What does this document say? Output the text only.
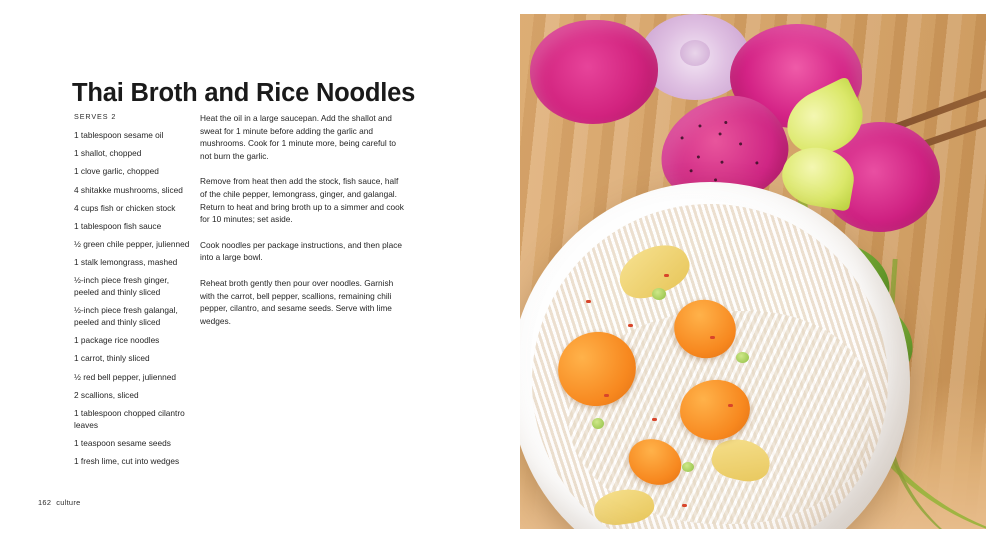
Thai Broth and Rice Noodles
SERVES 2
1 tablespoon sesame oil
1 shallot, chopped
1 clove garlic, chopped
4 shitakke mushrooms, sliced
4 cups fish or chicken stock
1 tablespoon fish sauce
½ green chile pepper, julienned
1 stalk lemongrass, mashed
½-inch piece fresh ginger, peeled and thinly sliced
½-inch piece fresh galangal, peeled and thinly sliced
1 package rice noodles
1 carrot, thinly sliced
½ red bell pepper, julienned
2 scallions, sliced
1 tablespoon chopped cilantro leaves
1 teaspoon sesame seeds
1 fresh lime, cut into wedges

Heat the oil in a large saucepan. Add the shallot and sweat for 1 minute before adding the garlic and mushrooms. Cook for 1 minute more, being careful to not burn the garlic.

Remove from heat then add the stock, fish sauce, half of the chile pepper, lemongrass, ginger, and galangal. Return to heat and bring broth up to a simmer and cook for 10 minutes; set aside.

Cook noodles per package instructions, and then place into a large bowl.

Reheat broth gently then pour over noodles. Garnish with the carrot, bell pepper, scallions, remaining chili pepper, cilantro, and sesame seeds. Serve with lime wedges.

162 culture
